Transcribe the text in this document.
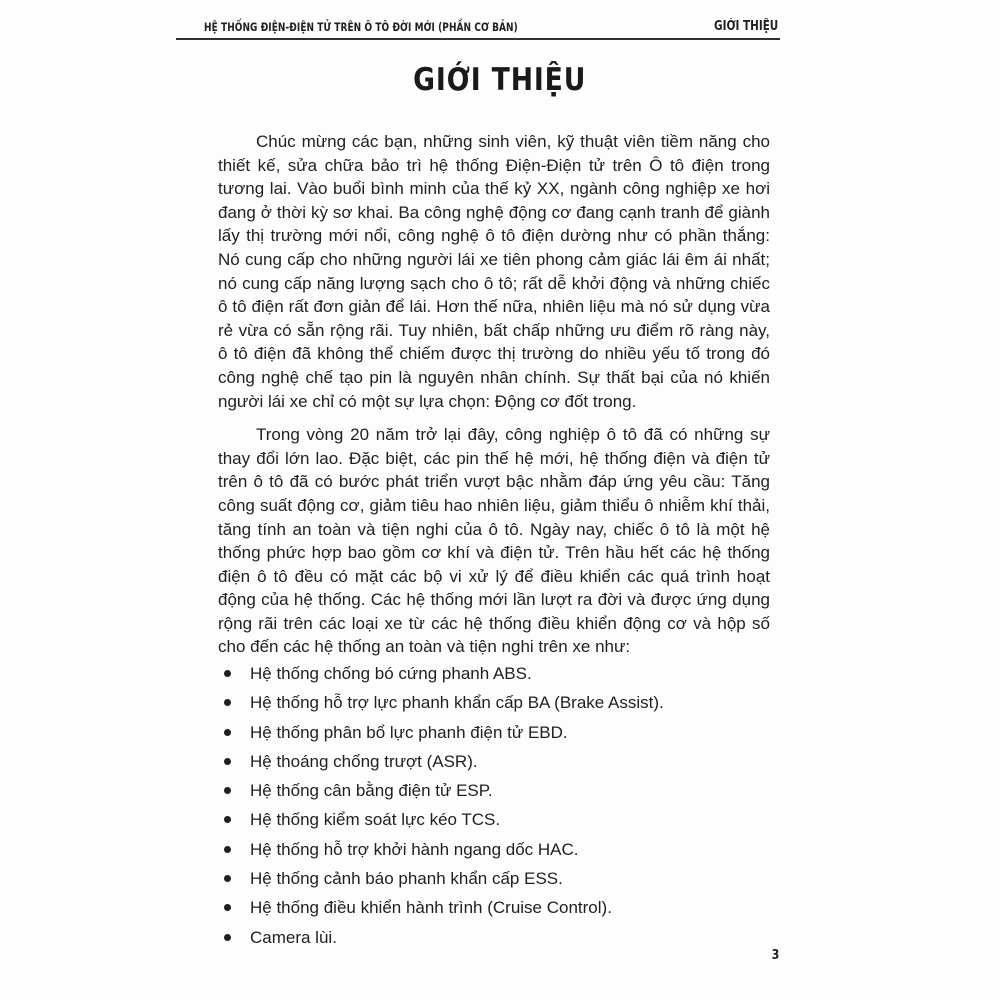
HỆ THỐNG ĐIỆN-ĐIỆN TỬ TRÊN Ô TÔ ĐỜI MỚI (PHẦN CƠ BẢN)	GIỚI THIỆU
GIỚI THIỆU

Chúc mừng các bạn, những sinh viên, kỹ thuật viên tiềm năng cho thiết kế, sửa chữa bảo trì hệ thống Điện-Điện tử trên Ô tô điện trong tương lai. Vào buổi bình minh của thế kỷ XX, ngành công nghiệp xe hơi đang ở thời kỳ sơ khai. Ba công nghệ động cơ đang cạnh tranh để giành lấy thị trường mới nổi, công nghệ ô tô điện dường như có phần thắng: Nó cung cấp cho những người lái xe tiên phong cảm giác lái êm ái nhất; nó cung cấp năng lượng sạch cho ô tô; rất dễ khởi động và những chiếc ô tô điện rất đơn giản để lái. Hơn thế nữa, nhiên liệu mà nó sử dụng vừa rẻ vừa có sẵn rộng rãi. Tuy nhiên, bất chấp những ưu điểm rõ ràng này, ô tô điện đã không thể chiếm được thị trường do nhiều yếu tố trong đó công nghệ chế tạo pin là nguyên nhân chính. Sự thất bại của nó khiến người lái xe chỉ có một sự lựa chọn: Động cơ đốt trong.

Trong vòng 20 năm trở lại đây, công nghiệp ô tô đã có những sự thay đổi lớn lao. Đặc biệt, các pin thế hệ mới, hệ thống điện và điện tử trên ô tô đã có bước phát triển vượt bậc nhằm đáp ứng yêu cầu: Tăng công suất động cơ, giảm tiêu hao nhiên liệu, giảm thiểu ô nhiễm khí thải, tăng tính an toàn và tiện nghi của ô tô. Ngày nay, chiếc ô tô là một hệ thống phức hợp bao gồm cơ khí và điện tử. Trên hầu hết các hệ thống điện ô tô đều có mặt các bộ vi xử lý để điều khiển các quá trình hoạt động của hệ thống. Các hệ thống mới lần lượt ra đời và được ứng dụng rộng rãi trên các loại xe từ các hệ thống điều khiển động cơ và hộp số cho đến các hệ thống an toàn và tiện nghi trên xe như:

Hệ thống chống bó cứng phanh ABS.
Hệ thống hỗ trợ lực phanh khẩn cấp BA (Brake Assist).
Hệ thống phân bổ lực phanh điện tử EBD.
Hệ thoáng chống trượt (ASR).
Hệ thống cân bằng điện tử ESP.
Hệ thống kiểm soát lực kéo TCS.
Hệ thống hỗ trợ khởi hành ngang dốc HAC.
Hệ thống cảnh báo phanh khẩn cấp ESS.
Hệ thống điều khiển hành trình (Cruise Control).
Camera lùi.
3
